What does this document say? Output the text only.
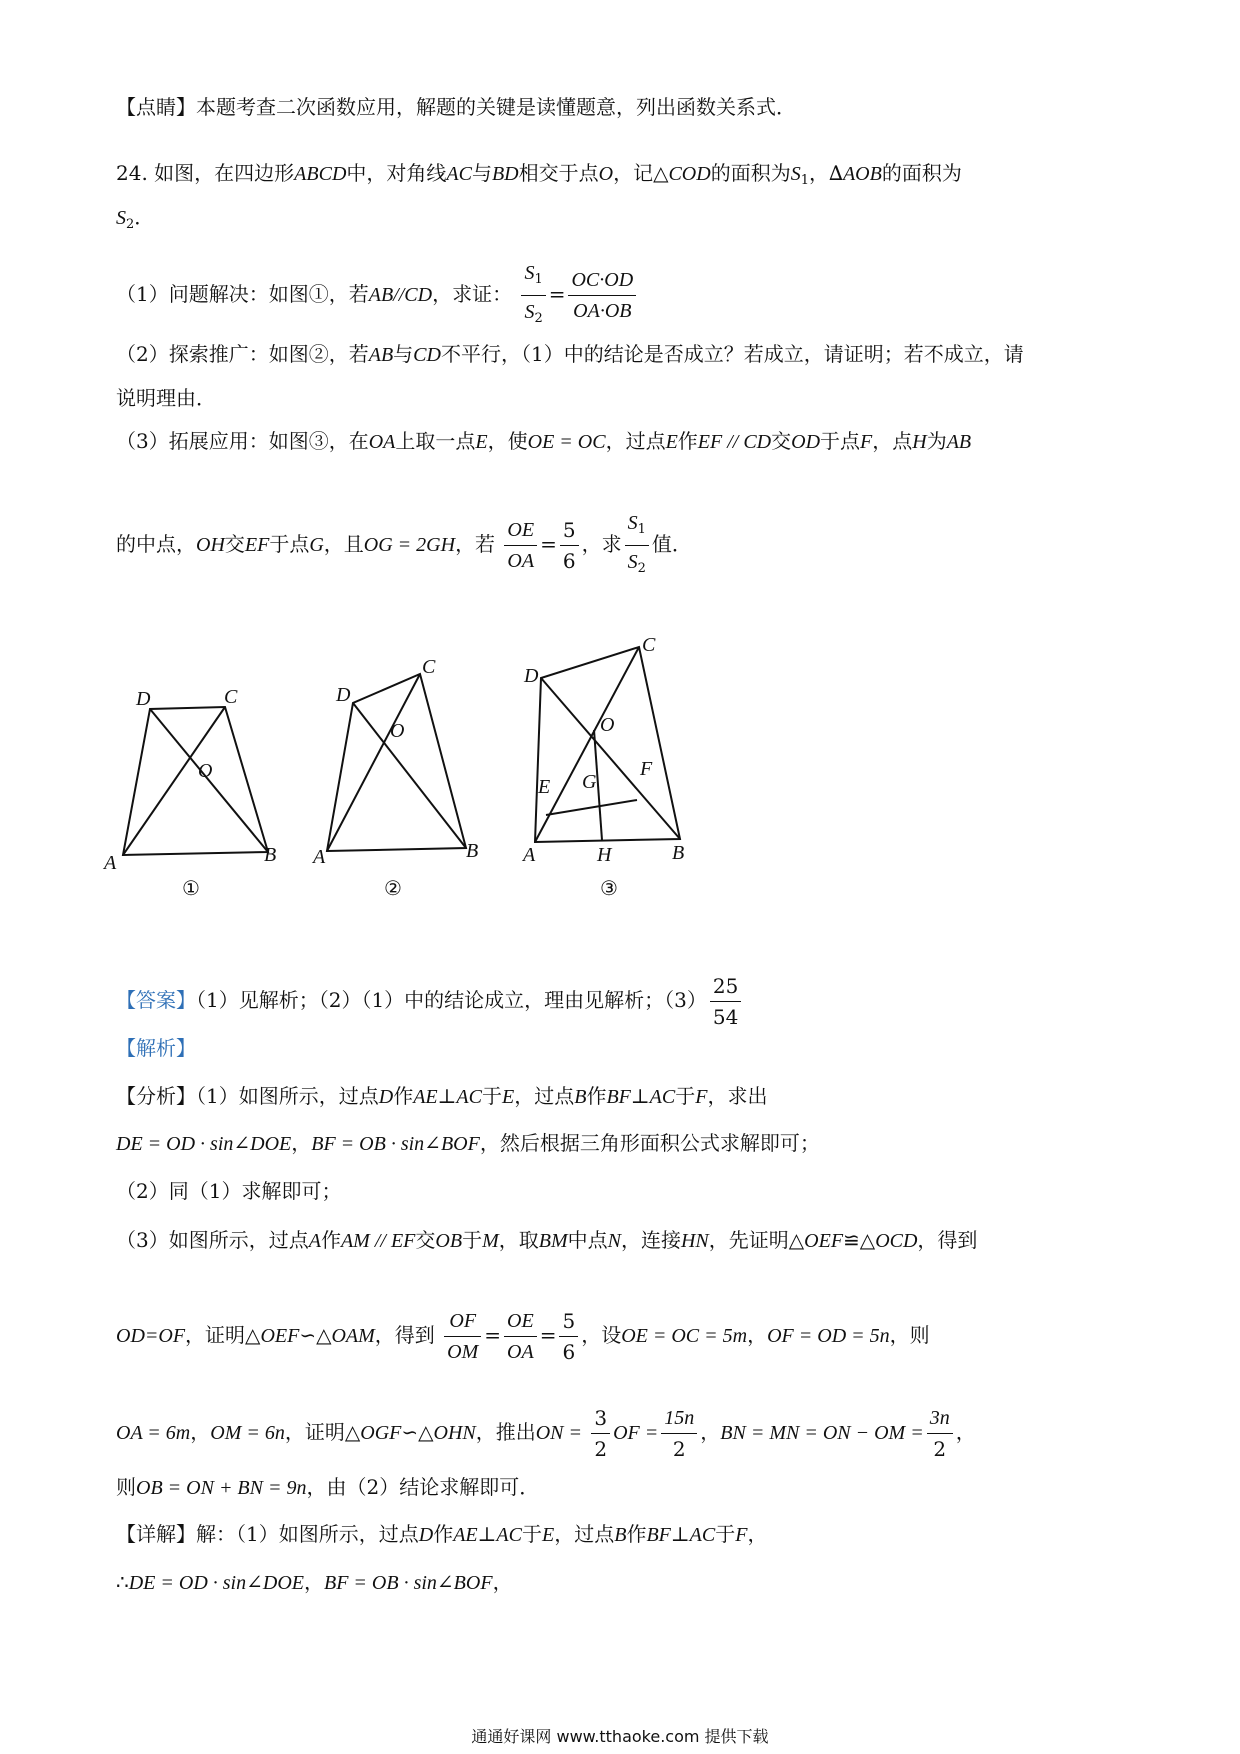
【点睛】本题考查二次函数应用，解题的关键是读懂题意，列出函数关系式．
24. 如图，在四边形ABCD中，对角线AC与BD相交于点O，记△COD的面积为$S_1$，∆AOB的面积为
$S_2$．
（1）问题解决：如图①，若AB//CD，求证： $\frac{S_1}{S_2} = \frac{OC\cdot OD}{OA\cdot OB}$
（2）探索推广：如图②，若AB与CD不平行，（1）中的结论是否成立？若成立，请证明；若不成立，请
说明理由．
（3）拓展应用：如图③，在OA上取一点E，使OE = OC，过点E作EF // CD交OD于点F，点H为AB
的中点，OH交EF于点G，且OG = 2GH，若 $\frac{OE}{OA} = \frac{5}{6}$ ，求 $\frac{S_1}{S_2}$ 值．
A	B
C
D
O
A	B
C
D
O
A	B
C
D
O
E
F
G
H
①	②	③
【答案】（1）见解析；（2）（1）中的结论成立，理由见解析；$(3) \frac{25}{54}$
【解析】
【分析】（1）如图所示，过点D作AE⊥AC于E，过点B作BF⊥AC于F，求出
DE = OD · sin∠DOE，BF = OB · sin∠BOF，然后根据三角形面积公式求解即可；
（2）同（1）求解即可；
（3）如图所示，过点A作AM // EF交OB于M，取BM中点N，连接HN，先证明△OEF≌△OCD，得到
OD=OF，证明△OEF∽△OAM，得到 $\frac{OF}{OM} = \frac{OE}{OA} = \frac{5}{6}$ ，设OE = OC = 5m，OF = OD = 5n，则
OA = 6m，OM = 6n，证明△OGF∽△OHN，推出ON = $\frac{3}{2}$ OF = $\frac{15n}{2}$ ，BN = MN = ON − OM = $\frac{3n}{2}$ ，
则OB = ON + BN = 9n，由（2）结论求解即可．
【详解】解：（1）如图所示，过点D作AE⊥AC于E，过点B作BF⊥AC于F，
∴DE = OD · sin∠DOE，BF = OB · sin∠BOF，
通通好课网 www.tthaoke.com 提供下载
